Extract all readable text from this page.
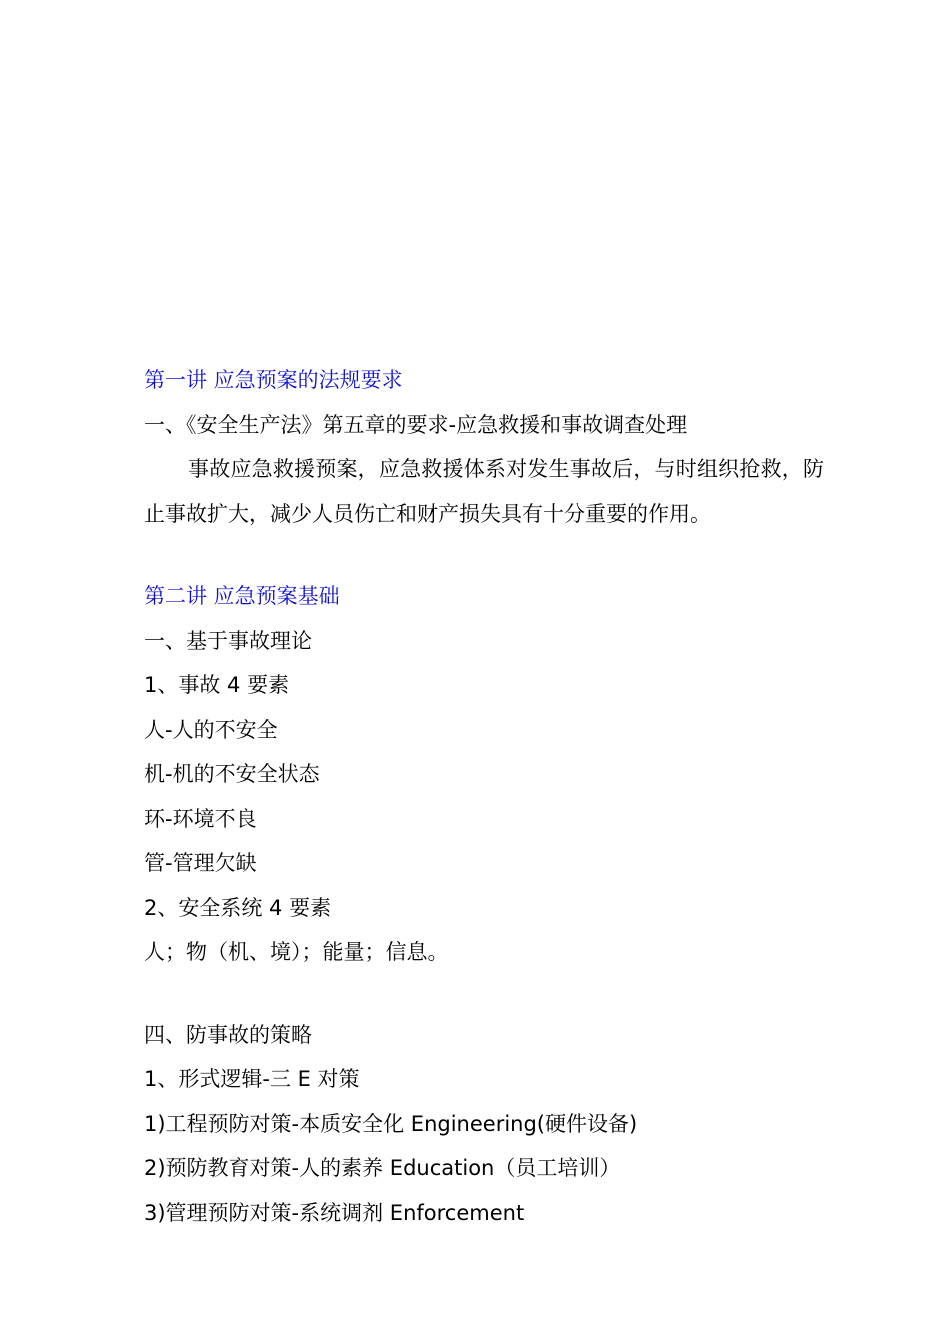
第一讲 应急预案的法规要求
一、《安全生产法》第五章的要求-应急救援和事故调查处理

事故应急救援预案，应急救援体系对发生事故后，与时组织抢救，防止事故扩大，减少人员伤亡和财产损失具有十分重要的作用。

第二讲 应急预案基础
一、基于事故理论
1、事故 4 要素
人-人的不安全
机-机的不安全状态
环-环境不良
管-管理欠缺
2、安全系统 4 要素
人；物（机、境）；能量；信息。
四、防事故的策略
1、形式逻辑-三 E 对策
1)工程预防对策-本质安全化 Engineering(硬件设备)
2)预防教育对策-人的素养 Education（员工培训）
3)管理预防对策-系统调剂 Enforcement
